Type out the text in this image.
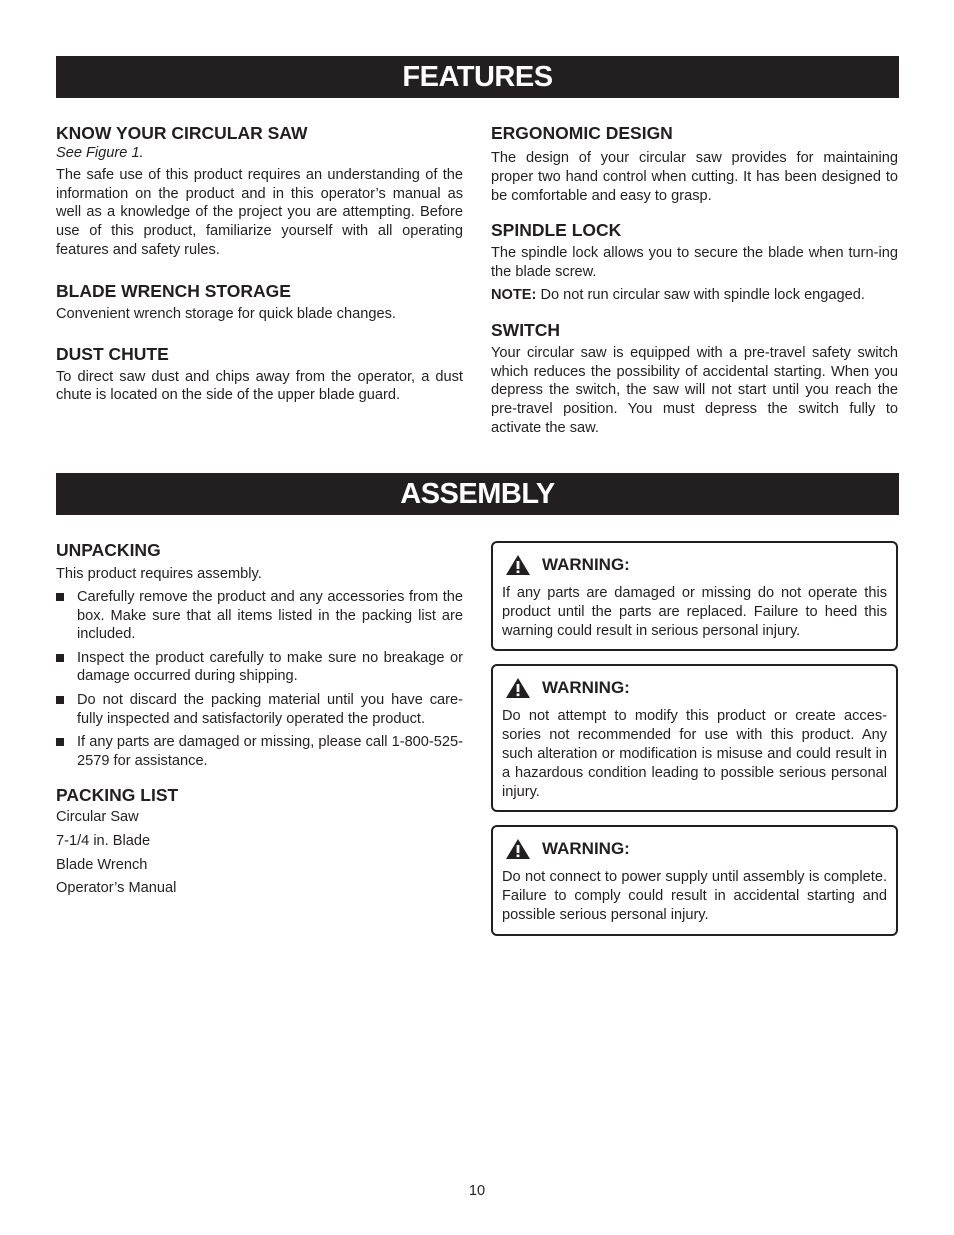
FEATURES
KNOW YOUR CIRCULAR SAW

See Figure 1.

The safe use of this product requires an understanding of the information on the product and in this operator’s manual as well as a knowledge of the project you are attempting. Before use of this product, familiarize yourself with all operating features and safety rules.

BLADE WRENCH STORAGE

Convenient wrench storage for quick blade changes.

DUST CHUTE

To direct saw dust and chips away from the operator, a dust chute is located on the side of the upper blade guard.

ERGONOMIC DESIGN

The design of your circular saw provides for maintaining proper two hand control when cutting. It has been designed to be comfortable and easy to grasp.

SPINDLE LOCK

The spindle lock allows you to secure the blade when turn-ing the blade screw.

NOTE: Do not run circular saw with spindle lock engaged.

SWITCH

Your circular saw is equipped with a pre-travel safety switch which reduces the possibility of accidental starting. When you depress the switch, the saw will not start until you reach the pre-travel position. You must depress the switch fully to activate the saw.

ASSEMBLY
UNPACKING

This product requires assembly.

Carefully remove the product and any accessories from the box. Make sure that all items listed in the packing list are included.
Inspect the product carefully to make sure no breakage or damage occurred during shipping.
Do not discard the packing material until you have care-fully inspected and satisfactorily operated the product.
If any parts are damaged or missing, please call 1-800-525-2579 for assistance.
PACKING LIST

Circular Saw

7-1/4 in. Blade

Blade Wrench

Operator’s Manual

WARNING:

If any parts are damaged or missing do not operate this product until the parts are replaced. Failure to heed this warning could result in serious personal injury.

WARNING:

Do not attempt to modify this product or create acces-sories not recommended for use with this product. Any such alteration or modification is misuse and could result in a hazardous condition leading to possible serious personal injury.

WARNING:

Do not connect to power supply until assembly is complete. Failure to comply could result in accidental starting and possible serious personal injury.

10
